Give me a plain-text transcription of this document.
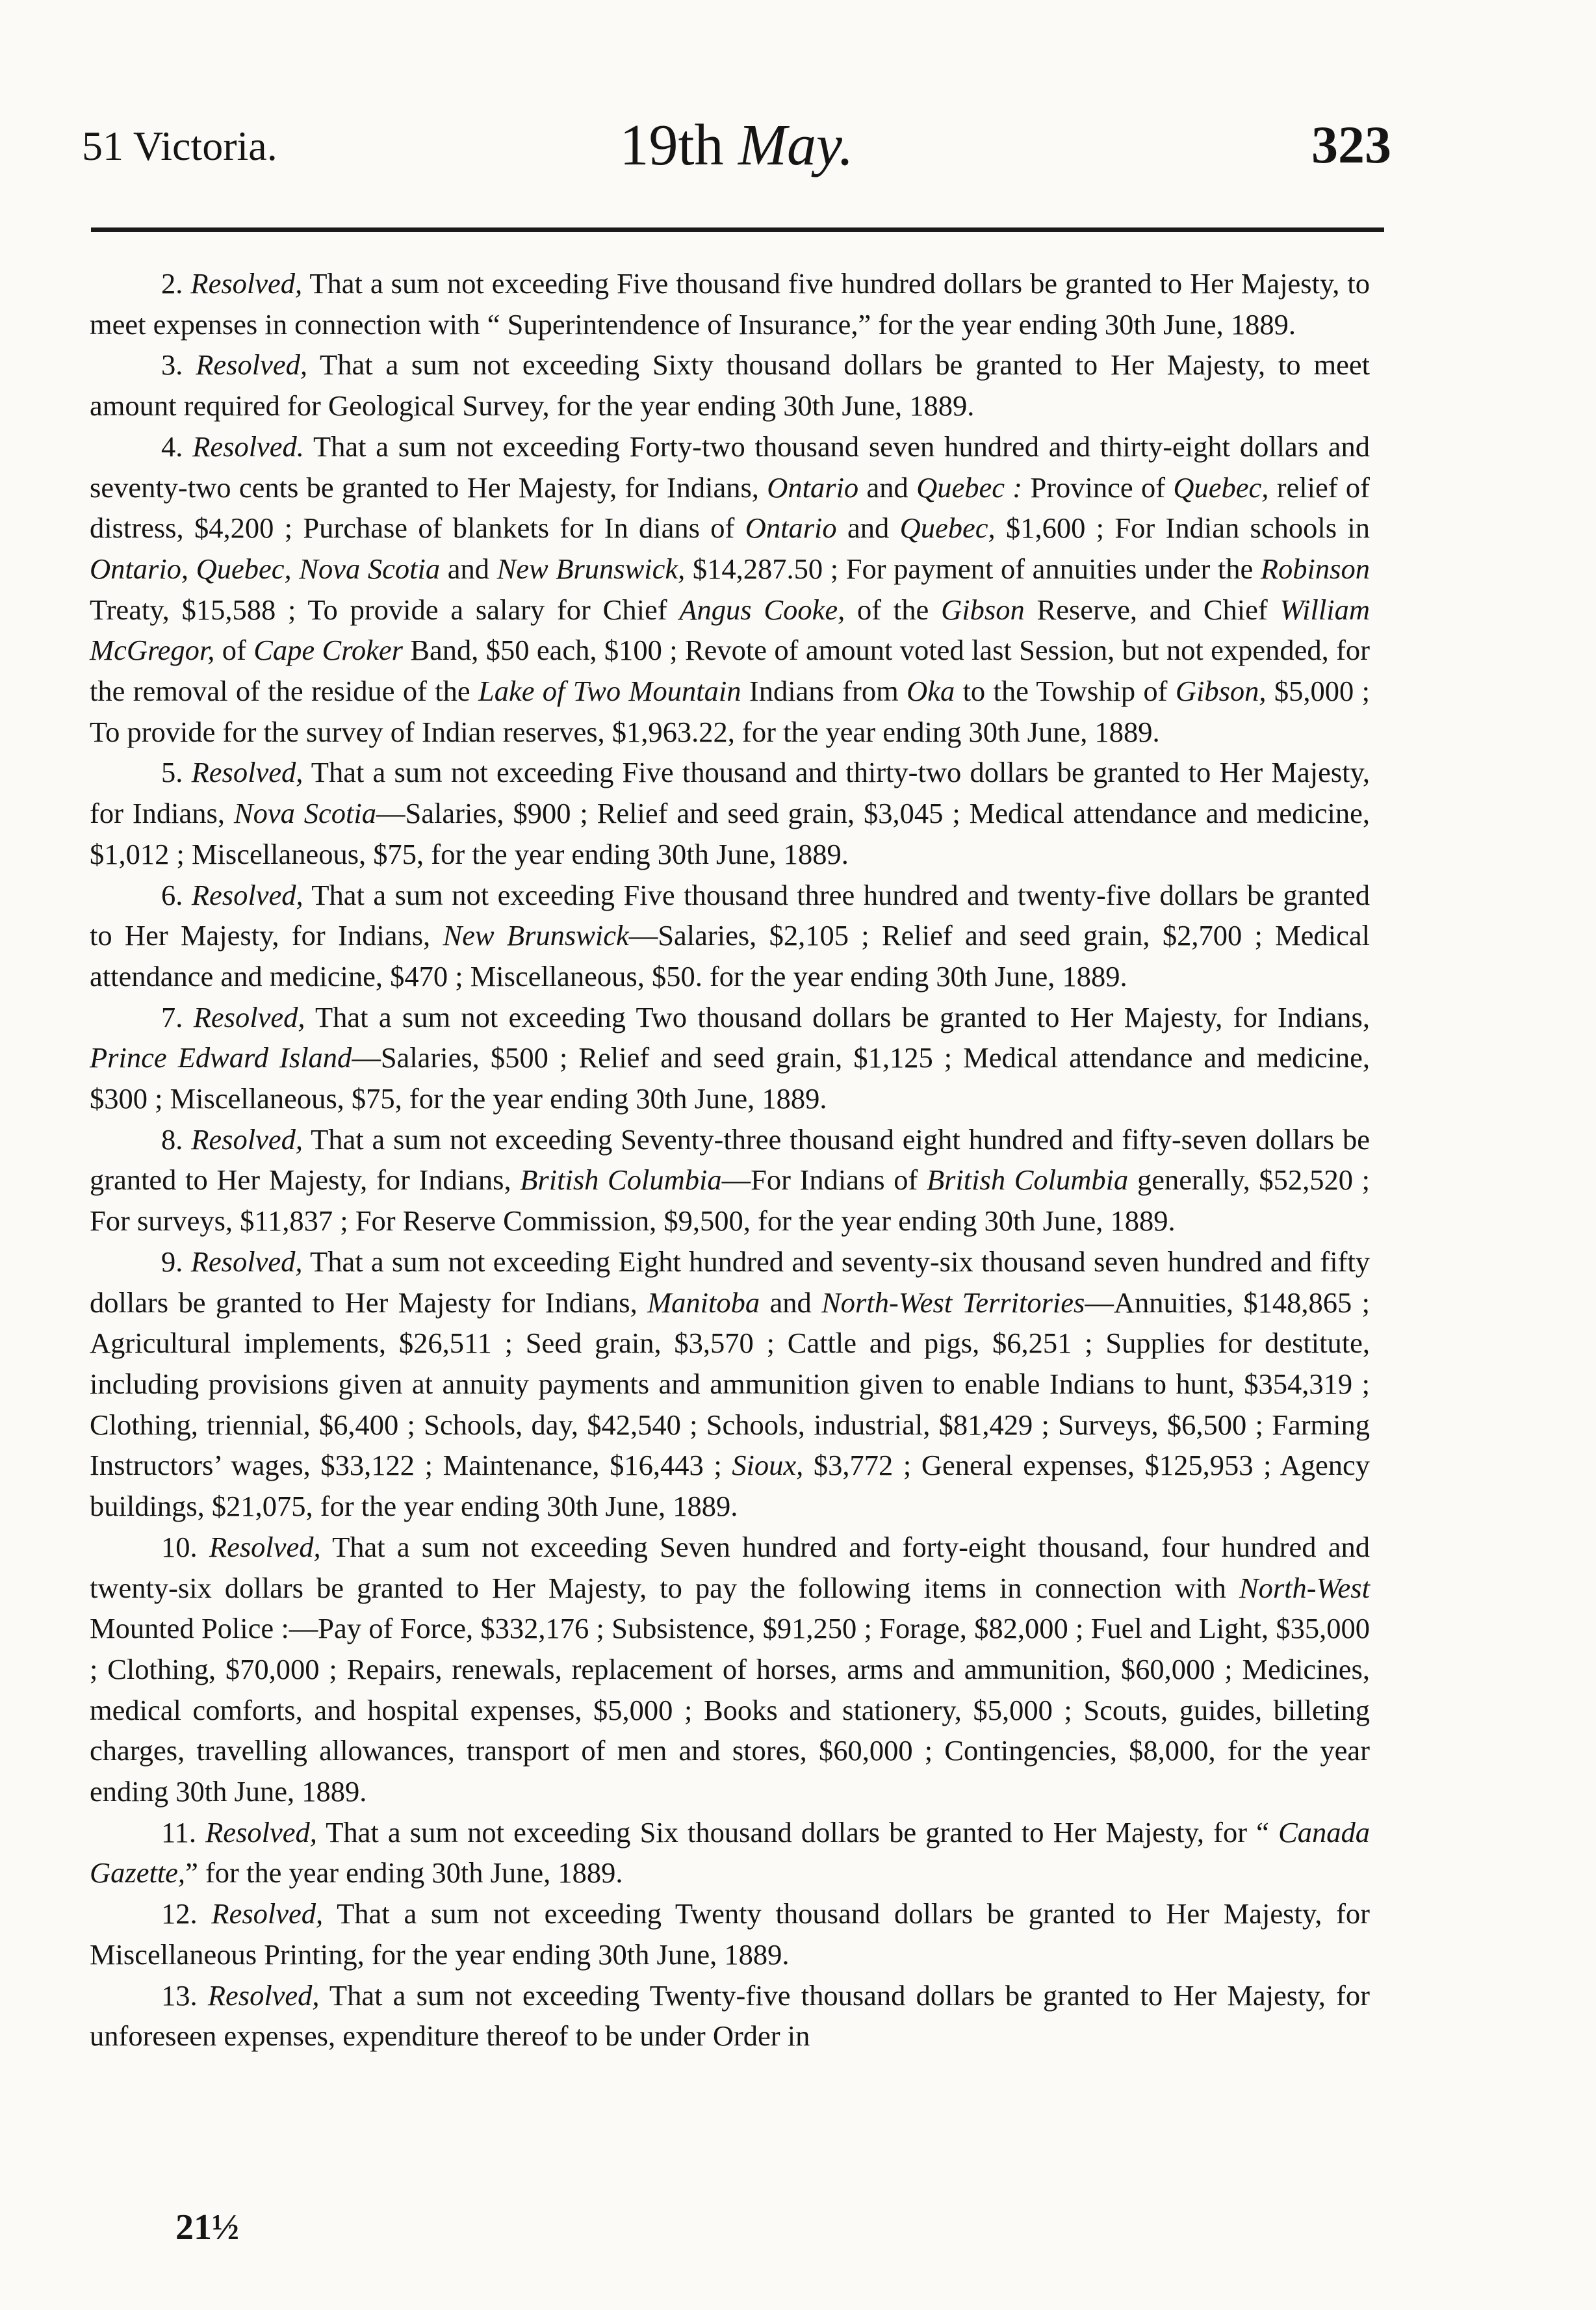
51 Victoria.	19th May.	323

2. Resolved, That a sum not exceeding Five thousand five hundred dollars be granted to Her Majesty, to meet expenses in connection with “ Superintendence of Insurance,” for the year ending 30th June, 1889.

3. Resolved, That a sum not exceeding Sixty thousand dollars be granted to Her Majesty, to meet amount required for Geological Survey, for the year ending 30th June, 1889.

4. Resolved. That a sum not exceeding Forty-two thousand seven hundred and thirty-eight dollars and seventy-two cents be granted to Her Majesty, for Indians, Ontario and Quebec : Province of Quebec, relief of distress, $4,200 ; Purchase of blankets for In dians of Ontario and Quebec, $1,600 ; For Indian schools in Ontario, Quebec, Nova Scotia and New Brunswick, $14,287.50 ; For payment of annuities under the Robinson Treaty, $15,588 ; To provide a salary for Chief Angus Cooke, of the Gibson Reserve, and Chief William McGregor, of Cape Croker Band, $50 each, $100 ; Revote of amount voted last Session, but not expended, for the removal of the residue of the Lake of Two Mountain Indians from Oka to the Towship of Gibson, $5,000 ; To provide for the survey of Indian reserves, $1,963.22, for the year ending 30th June, 1889.

5. Resolved, That a sum not exceeding Five thousand and thirty-two dollars be granted to Her Majesty, for Indians, Nova Scotia—Salaries, $900 ; Relief and seed grain, $3,045 ; Medical attendance and medicine, $1,012 ; Miscellaneous, $75, for the year ending 30th June, 1889.

6. Resolved, That a sum not exceeding Five thousand three hundred and twenty-five dollars be granted to Her Majesty, for Indians, New Brunswick—Salaries, $2,105 ; Relief and seed grain, $2,700 ; Medical attendance and medicine, $470 ; Miscellaneous, $50. for the year ending 30th June, 1889.

7. Resolved, That a sum not exceeding Two thousand dollars be granted to Her Majesty, for Indians, Prince Edward Island—Salaries, $500 ; Relief and seed grain, $1,125 ; Medical attendance and medicine, $300 ; Miscellaneous, $75, for the year ending 30th June, 1889.

8. Resolved, That a sum not exceeding Seventy-three thousand eight hundred and fifty-seven dollars be granted to Her Majesty, for Indians, British Columbia—For Indians of British Columbia generally, $52,520 ; For surveys, $11,837 ; For Reserve Commission, $9,500, for the year ending 30th June, 1889.

9. Resolved, That a sum not exceeding Eight hundred and seventy-six thousand seven hundred and fifty dollars be granted to Her Majesty for Indians, Manitoba and North-West Territories—Annuities, $148,865 ; Agricultural implements, $26,511 ; Seed grain, $3,570 ; Cattle and pigs, $6,251 ; Supplies for destitute, including provisions given at annuity payments and ammunition given to enable Indians to hunt, $354,319 ; Clothing, triennial, $6,400 ; Schools, day, $42,540 ; Schools, industrial, $81,429 ; Surveys, $6,500 ; Farming Instructors’ wages, $33,122 ; Maintenance, $16,443 ; Sioux, $3,772 ; General expenses, $125,953 ; Agency buildings, $21,075, for the year ending 30th June, 1889.

10. Resolved, That a sum not exceeding Seven hundred and forty-eight thousand, four hundred and twenty-six dollars be granted to Her Majesty, to pay the following items in connection with North-West Mounted Police :—Pay of Force, $332,176 ; Subsistence, $91,250 ; Forage, $82,000 ; Fuel and Light, $35,000 ; Clothing, $70,000 ; Repairs, renewals, replacement of horses, arms and ammunition, $60,000 ; Medicines, medical comforts, and hospital expenses, $5,000 ; Books and stationery, $5,000 ; Scouts, guides, billeting charges, travelling allowances, transport of men and stores, $60,000 ; Contingencies, $8,000, for the year ending 30th June, 1889.

11. Resolved, That a sum not exceeding Six thousand dollars be granted to Her Majesty, for “ Canada Gazette,” for the year ending 30th June, 1889.

12. Resolved, That a sum not exceeding Twenty thousand dollars be granted to Her Majesty, for Miscellaneous Printing, for the year ending 30th June, 1889.

13. Resolved, That a sum not exceeding Twenty-five thousand dollars be granted to Her Majesty, for unforeseen expenses, expenditure thereof to be under Order in

21½
